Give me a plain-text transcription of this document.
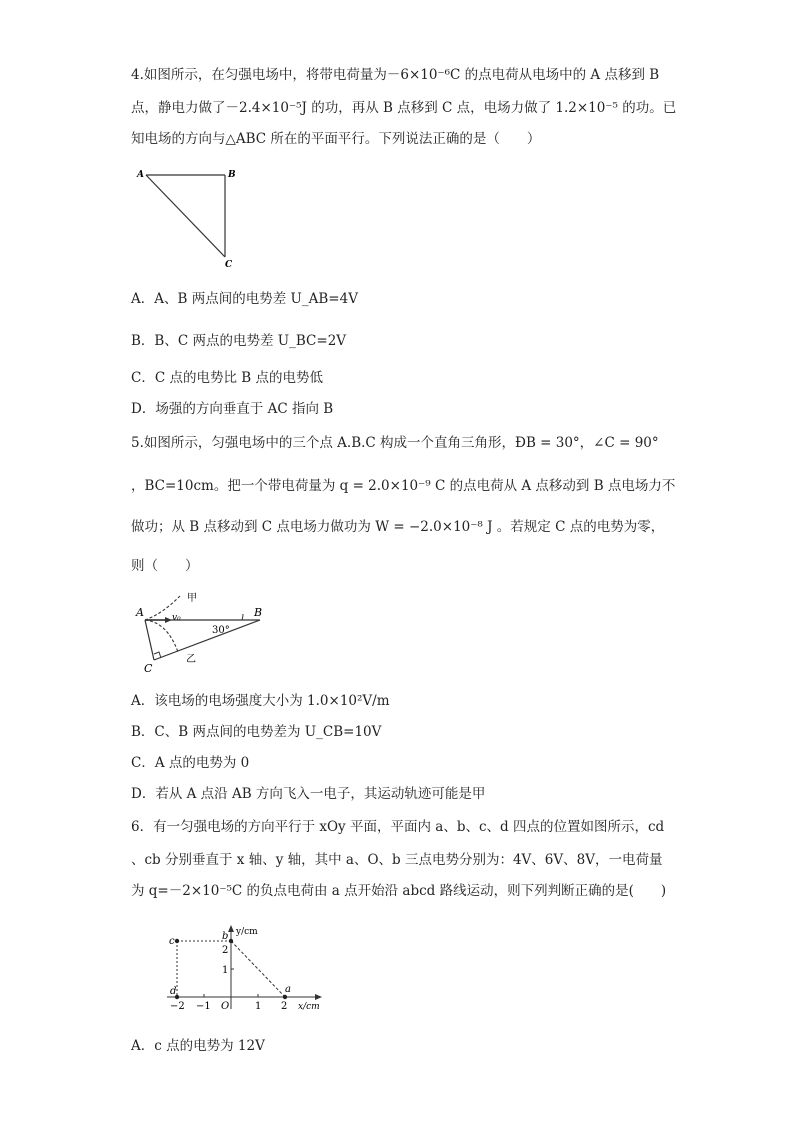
4.如图所示，在匀强电场中，将带电荷量为－6×10⁻⁶C 的点电荷从电场中的 A 点移到 B
点，静电力做了－2.4×10⁻⁵J 的功，再从 B 点移到 C 点，电场力做了 1.2×10⁻⁵ 的功。已
知电场的方向与△ABC 所在的平面平行。下列说法正确的是（　　）
A	B
C
A．A、B 两点间的电势差 U_AB=4V
B．B、C 两点的电势差 U_BC=2V
C．C 点的电势比 B 点的电势低
D．场强的方向垂直于 AC 指向 B
5.如图所示，匀强电场中的三个点 A.B.C 构成一个直角三角形，ÐB = 30°，∠C = 90°
，BC=10cm。把一个带电荷量为 q = 2.0×10⁻⁹ C 的点电荷从 A 点移动到 B 点电场力不
做功；从 B 点移动到 C 点电场力做功为 W = −2.0×10⁻⁸ J 。若规定 C 点的电势为零，
则（　　）
A	B
C
v₀
30°
甲
乙
A．该电场的电场强度大小为 1.0×10²V/m
B．C、B 两点间的电势差为 U_CB=10V
C．A 点的电势为 0
D．若从 A 点沿 AB 方向飞入一电子，其运动轨迹可能是甲
6．有一匀强电场的方向平行于 xOy 平面，平面内 a、b、c、d 四点的位置如图所示，cd
、cb 分别垂直于 x 轴、y 轴，其中 a、O、b 三点电势分别为：4V、6V、8V，一电荷量
为 q=－2×10⁻⁵C 的负点电荷由 a 点开始沿 abcd 路线运动，则下列判断正确的是(　　)
y/cm
x/cm
c	b
d	a
O
−2 −1	1 2
1
2
A．c 点的电势为 12V
